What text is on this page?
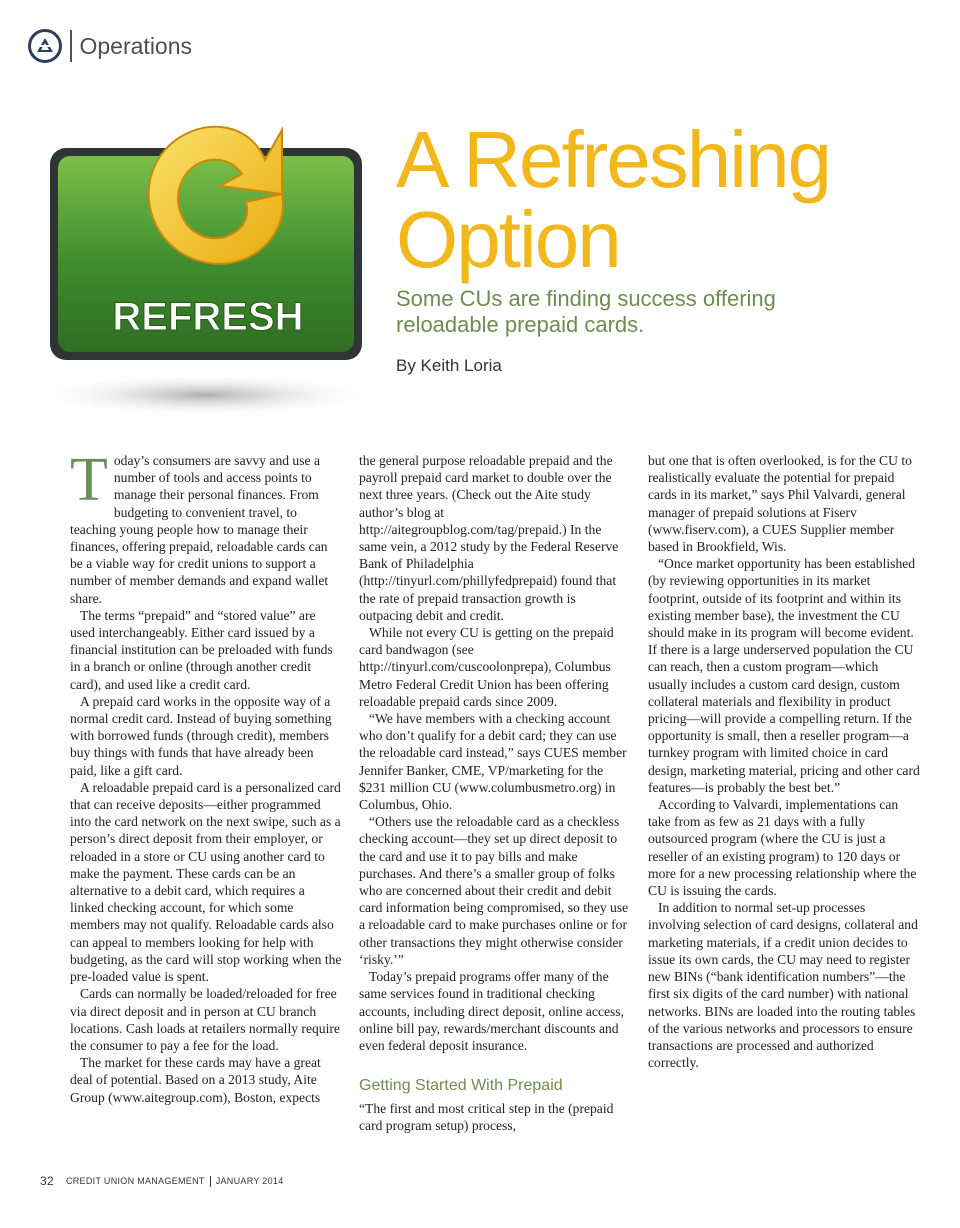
Operations
REFRESH
A Refreshing
Option

Some CUs are finding success offering reloadable prepaid cards.

By Keith Loria

Today’s consumers are savvy and use a number of tools and access points to manage their personal finances. From budgeting to convenient travel, to teaching young people how to manage their finances, offering prepaid, reloadable cards can be a viable way for credit unions to support a number of member demands and expand wallet share.

The terms “prepaid” and “stored value” are used interchangeably. Either card issued by a financial institution can be preloaded with funds in a branch or online (through another credit card), and used like a credit card.

A prepaid card works in the opposite way of a normal credit card. Instead of buying something with borrowed funds (through credit), members buy things with funds that have already been paid, like a gift card.

A reloadable prepaid card is a personalized card that can receive deposits—either programmed into the card network on the next swipe, such as a person’s direct deposit from their employer, or reloaded in a store or CU using another card to make the payment. These cards can be an alternative to a debit card, which requires a linked checking account, for which some members may not qualify. Reloadable cards also can appeal to members looking for help with budgeting, as the card will stop working when the pre-loaded value is spent.

Cards can normally be loaded/reloaded for free via direct deposit and in person at CU branch locations. Cash loads at retailers normally require the consumer to pay a fee for the load.

The market for these cards may have a great deal of potential. Based on a 2013 study, Aite Group (www.aitegroup.com), Boston, expects

the general purpose reloadable prepaid and the payroll prepaid card market to double over the next three years. (Check out the Aite study author’s blog at http://aitegroupblog.com/tag/prepaid.) In the same vein, a 2012 study by the Federal Reserve Bank of Philadelphia (http://tinyurl.com/phillyfedprepaid) found that the rate of prepaid transaction growth is outpacing debit and credit.

While not every CU is getting on the prepaid card bandwagon (see http://tinyurl.com/cuscoolonprepa), Columbus Metro Federal Credit Union has been offering reloadable prepaid cards since 2009.

“We have members with a checking account who don’t qualify for a debit card; they can use the reloadable card instead,” says CUES member Jennifer Banker, CME, VP/marketing for the $231 million CU (www.columbusmetro.org) in Columbus, Ohio.

“Others use the reloadable card as a checkless checking account—they set up direct deposit to the card and use it to pay bills and make purchases. And there’s a smaller group of folks who are concerned about their credit and debit card information being compromised, so they use a reloadable card to make purchases online or for other transactions they might otherwise consider ‘risky.’”

Today’s prepaid programs offer many of the same services found in traditional checking accounts, including direct deposit, online access, online bill pay, rewards/merchant discounts and even federal deposit insurance.

Getting Started With Prepaid

“The first and most critical step in the (prepaid card program setup) process,

but one that is often overlooked, is for the CU to realistically evaluate the potential for prepaid cards in its market,” says Phil Valvardi, general manager of prepaid solutions at Fiserv (www.fiserv.com), a CUES Supplier member based in Brookfield, Wis.

“Once market opportunity has been established (by reviewing opportunities in its market footprint, outside of its footprint and within its existing member base), the investment the CU should make in its program will become evident. If there is a large underserved population the CU can reach, then a custom program—which usually includes a custom card design, custom collateral materials and flexibility in product pricing—will provide a compelling return. If the opportunity is small, then a reseller program—a turnkey program with limited choice in card design, marketing material, pricing and other card features—is probably the best bet.”

According to Valvardi, implementations can take from as few as 21 days with a fully outsourced program (where the CU is just a reseller of an existing program) to 120 days or more for a new processing relationship where the CU is issuing the cards.

In addition to normal set-up processes involving selection of card designs, collateral and marketing materials, if a credit union decides to issue its own cards, the CU may need to register new BINs (“bank identification numbers”—the first six digits of the card number) with national networks. BINs are loaded into the routing tables of the various networks and processors to ensure transactions are processed and authorized correctly.

32 CREDIT UNION MANAGEMENT JANUARY 2014
